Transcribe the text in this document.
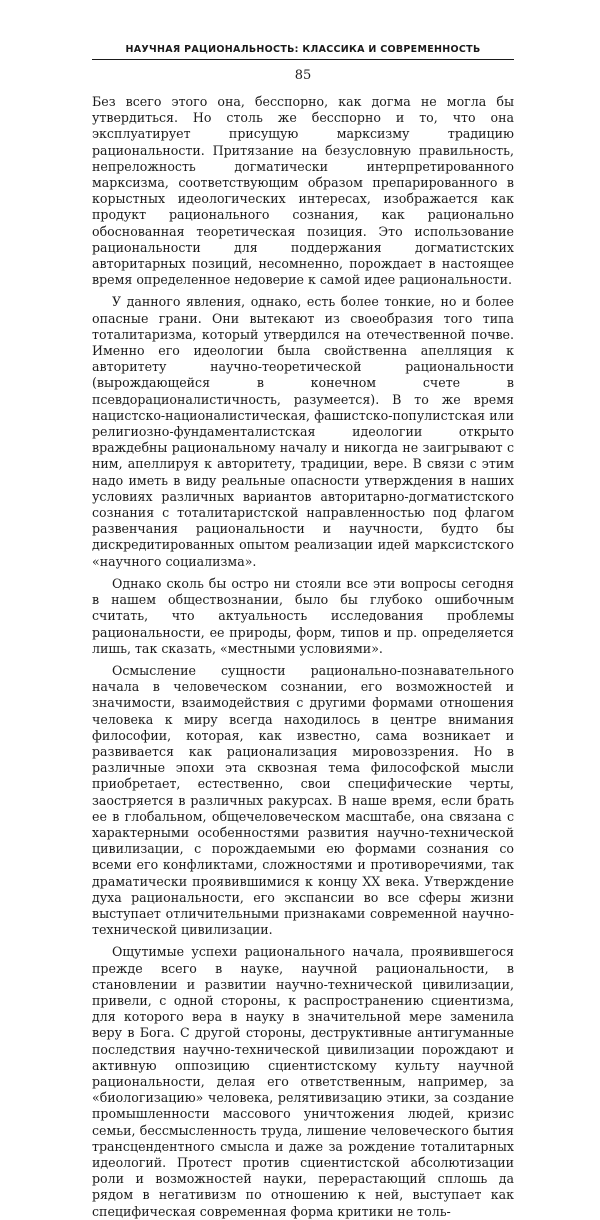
НАУЧНАЯ РАЦИОНАЛЬНОСТЬ: КЛАССИКА И СОВРЕМЕННОСТЬ
85

Без всего этого она, бесспорно, как догма не могла бы утвердиться. Но столь же бесспорно и то, что она эксплуатирует присущую марксизму традицию рациональности. Притязание на безусловную правильность, непреложность догматически интерпретированного марксизма, соответствующим образом препарированного в корыстных идеологических интересах, изображается как продукт рационального сознания, как рационально обоснованная теоретическая позиция. Это использование рациональности для поддержания догматистских авторитарных позиций, несомненно, порождает в настоящее время определенное недоверие к самой идее рациональности.

У данного явления, однако, есть более тонкие, но и более опасные грани. Они вытекают из своеобразия того типа тоталитаризма, который утвердился на отечественной почве. Именно его идеологии была свойственна апелляция к авторитету научно-теоретической рациональности (вырождающейся в конечном счете в псевдорационалистичность, разумеется). В то же время нацистско-националистическая, фашистско-популистская или религиозно-фундаменталистская идеологии открыто враждебны рациональному началу и никогда не заигрывают с ним, апеллируя к авторитету, традиции, вере. В связи с этим надо иметь в виду реальные опасности утверждения в наших условиях различных вариантов авторитарно-догматистского сознания с тоталитаристской направленностью под флагом развенчания рациональности и научности, будто бы дискредитированных опытом реализации идей марксистского «научного социализма».

Однако сколь бы остро ни стояли все эти вопросы сегодня в нашем обществознании, было бы глубоко ошибочным считать, что актуальность исследования проблемы рациональности, ее природы, форм, типов и пр. определяется лишь, так сказать, «местными условиями».

Осмысление сущности рационально-познавательного начала в человеческом сознании, его возможностей и значимости, взаимодействия с другими формами отношения человека к миру всегда находилось в центре внимания философии, которая, как известно, сама возникает и развивается как рационализация мировоззрения. Но в различные эпохи эта сквозная тема философской мысли приобретает, естественно, свои специфические черты, заостряется в различных ракурсах. В наше время, если брать ее в глобальном, общечеловеческом масштабе, она связана с характерными особенностями развития научно-технической цивилизации, с порождаемыми ею формами сознания со всеми его конфликтами, сложностями и противоречиями, так драматически проявившимися к концу XX века. Утверждение духа рациональности, его экспансии во все сферы жизни выступает отличительными признаками современной научно-технической цивилизации.

Ощутимые успехи рационального начала, проявившегося прежде всего в науке, научной рациональности, в становлении и развитии научно-технической цивилизации, привели, с одной стороны, к распространению сциентизма, для которого вера в науку в значительной мере заменила веру в Бога. С другой стороны, деструктивные антигуманные последствия научно-технической цивилизации порождают и активную оппозицию сциентистскому культу научной рациональности, делая его ответственным, например, за «биологизацию» человека, релятивизацию этики, за создание промышленности массового уничтожения людей, кризис семьи, бессмысленность труда, лишение человеческого бытия трансцендентного смысла и даже за рождение тоталитарных идеологий. Протест против сциентистской абсолютизации роли и возможностей науки, перерастающий сплошь да рядом в негативизм по отношению к ней, выступает как специфическая современная форма критики не толь-
